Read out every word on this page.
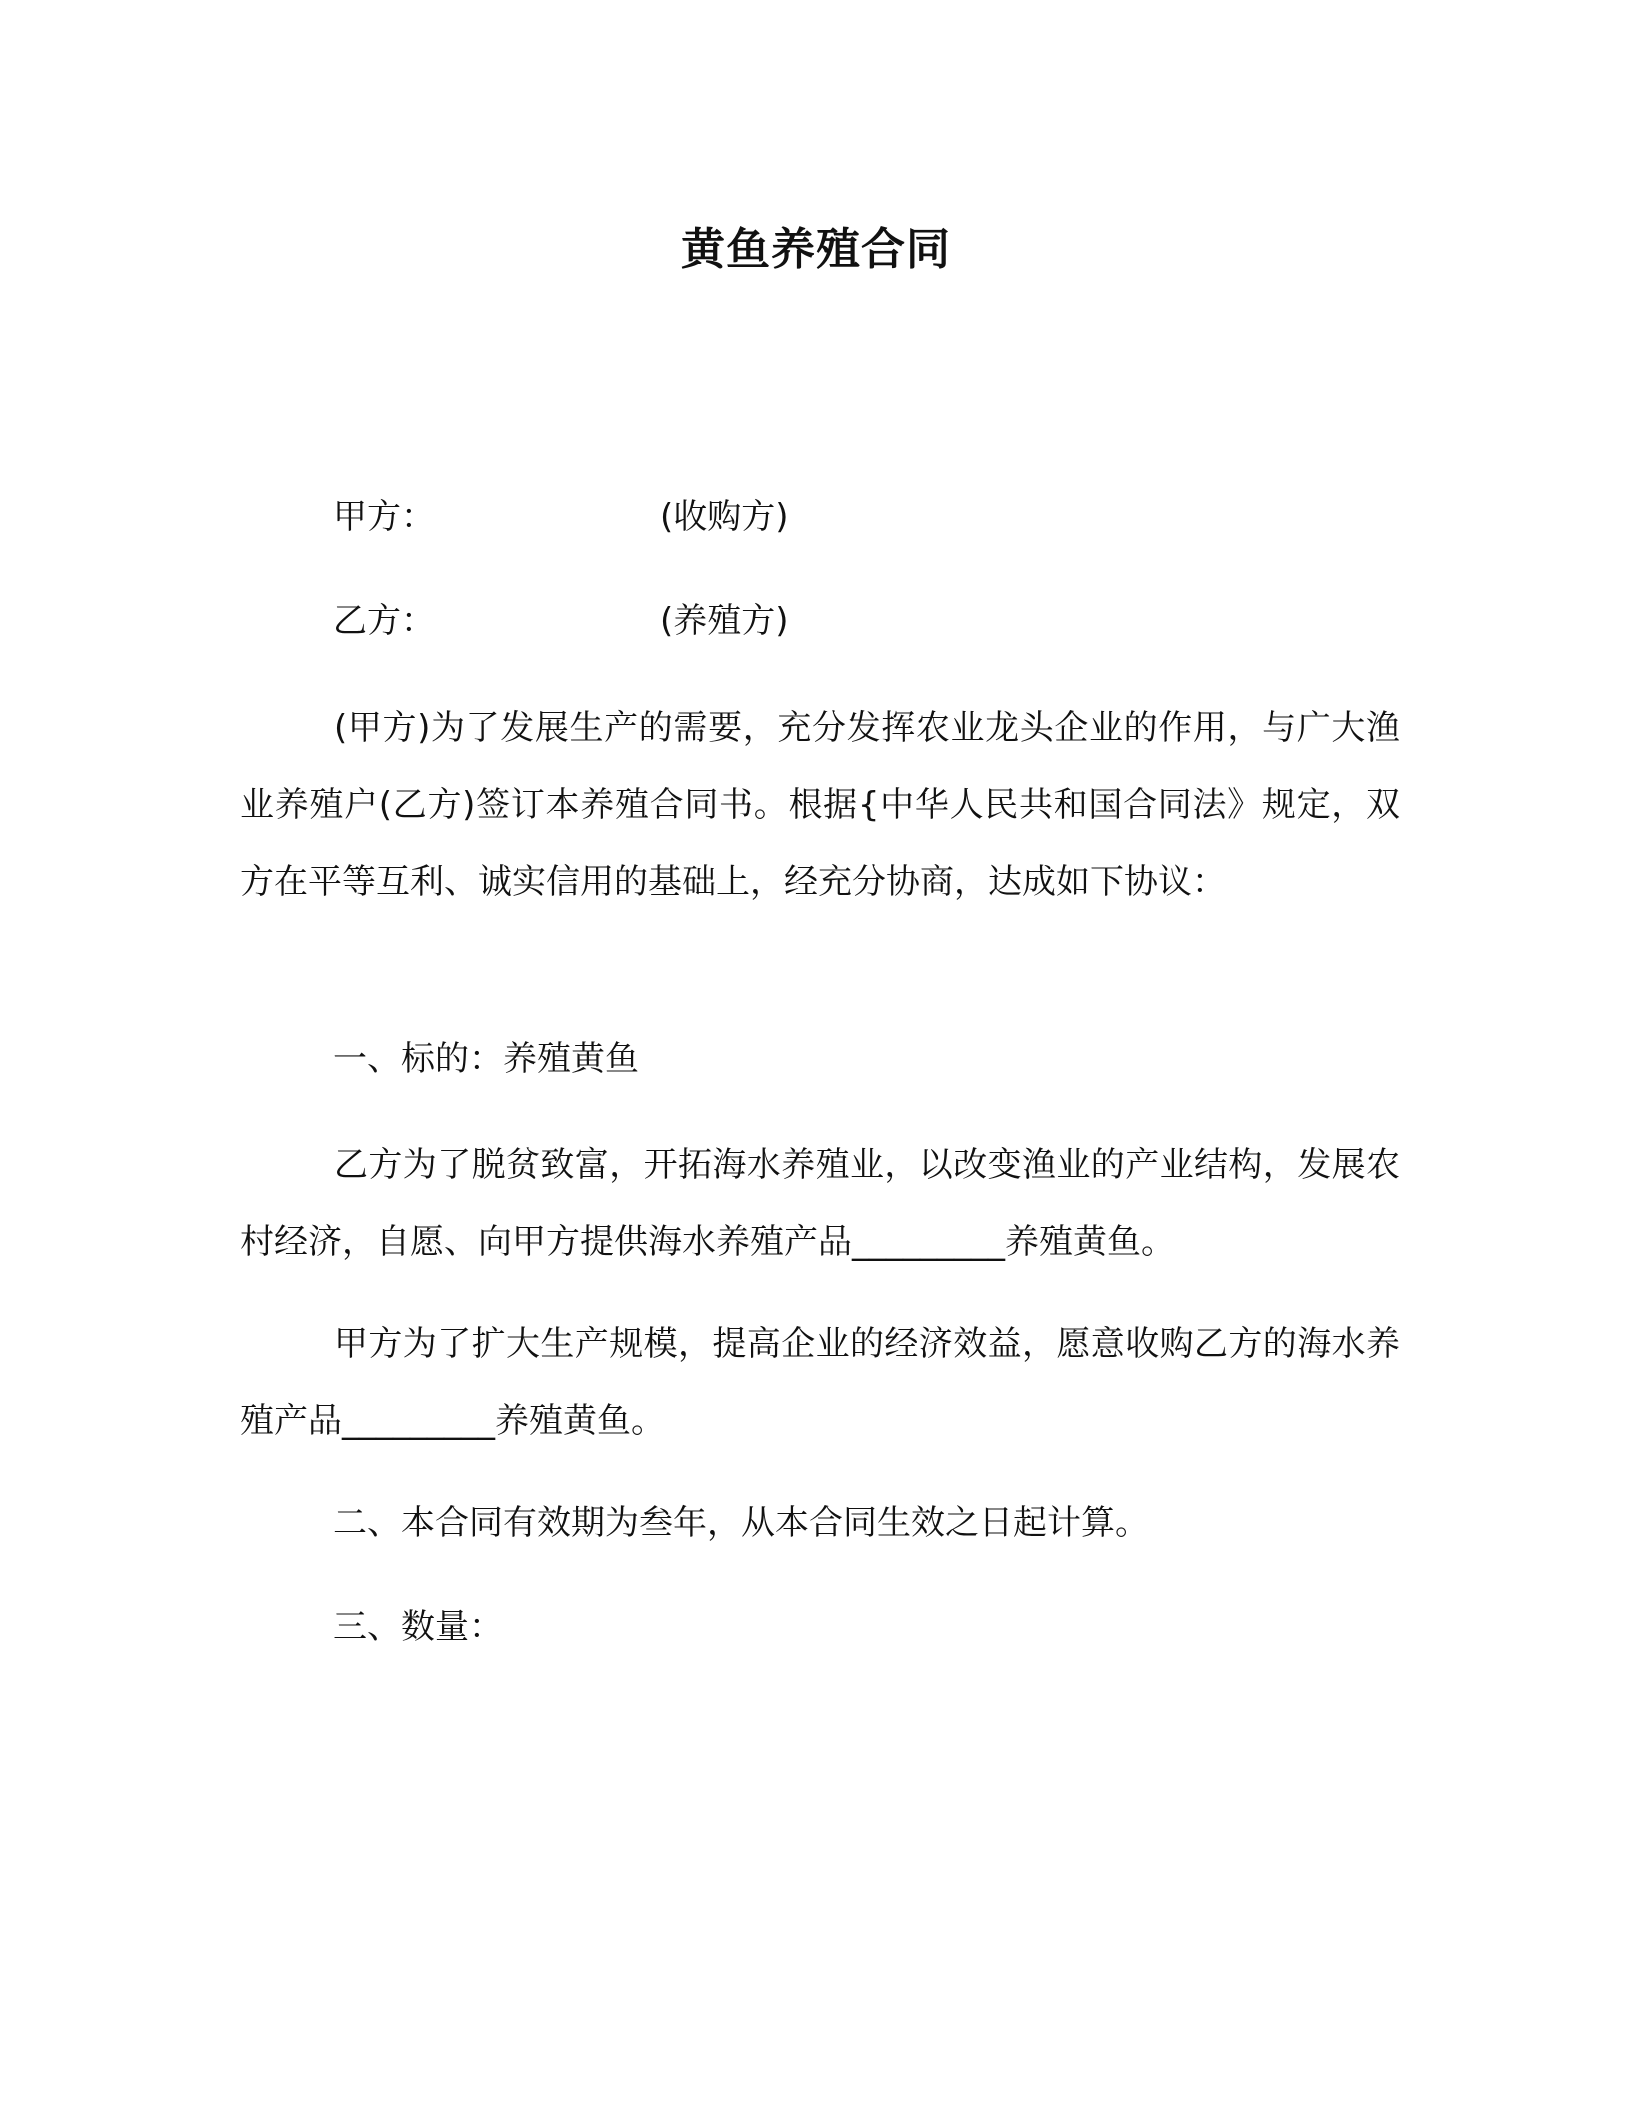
黄鱼养殖合同
甲方：	(收购方)
乙方：	(养殖方)
(甲方)为了发展生产的需要，充分发挥农业龙头企业的作用，与广大渔业养殖户(乙方)签订本养殖合同书。根据{中华人民共和国合同法》规定，双方在平等互利、诚实信用的基础上，经充分协商，达成如下协议：
一、标的：养殖黄鱼
乙方为了脱贫致富，开拓海水养殖业，以改变渔业的产业结构，发展农村经济，自愿、向甲方提供海水养殖产品_________养殖黄鱼。
甲方为了扩大生产规模，提高企业的经济效益，愿意收购乙方的海水养殖产品_________养殖黄鱼。
二、本合同有效期为叁年，从本合同生效之日起计算。
三、数量：
